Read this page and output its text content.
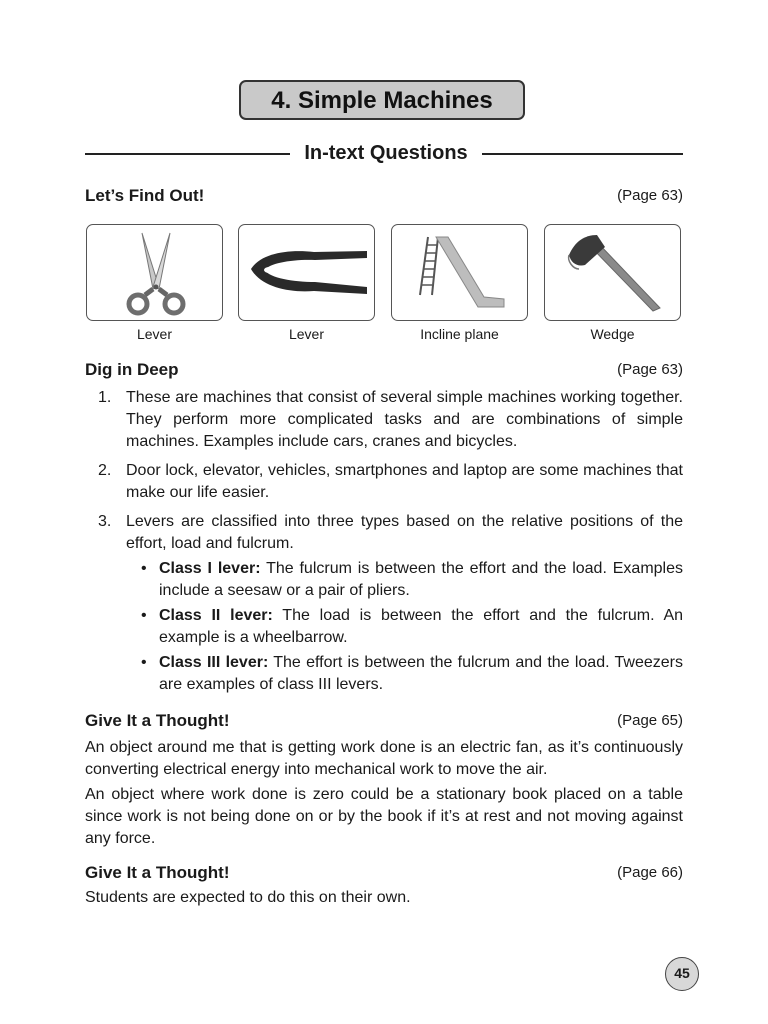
4. Simple Machines
In-text Questions
Let’s Find Out!	(Page 63)
Lever	Lever	Incline plane	Wedge
Dig in Deep	(Page 63)
1. These are machines that consist of several simple machines working together. They perform more complicated tasks and are combinations of simple machines. Examples include cars, cranes and bicycles.
2. Door lock, elevator, vehicles, smartphones and laptop are some machines that make our life easier.
3. Levers are classified into three types based on the relative positions of the effort, load and fulcrum.
• Class I lever: The fulcrum is between the effort and the load. Examples include a seesaw or a pair of pliers.
• Class II lever: The load is between the effort and the fulcrum. An example is a wheelbarrow.
• Class III lever: The effort is between the fulcrum and the load. Tweezers are examples of class III levers.
Give It a Thought!	(Page 65)

An object around me that is getting work done is an electric fan, as it’s continuously converting electrical energy into mechanical work to move the air.

An object where work done is zero could be a stationary book placed on a table since work is not being done on or by the book if it’s at rest and not moving against any force.

Give It a Thought!	(Page 66)

Students are expected to do this on their own.

45
